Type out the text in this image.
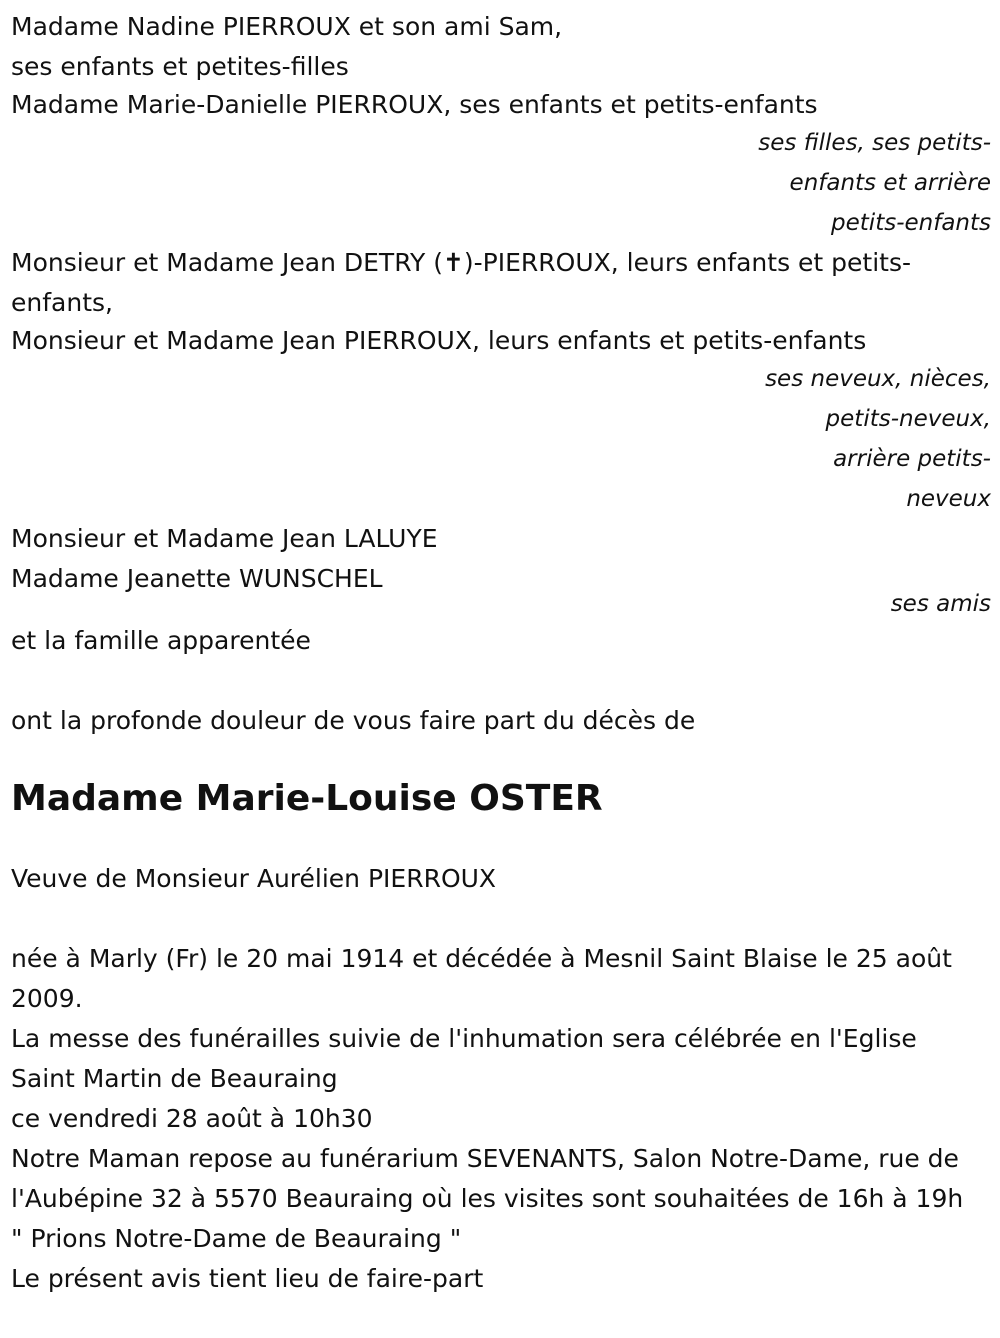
Madame Nadine PIERROUX et son ami Sam,

ses enfants et petites-filles

Madame Marie-Danielle PIERROUX, ses enfants et petits-enfants

ses filles, ses petits-enfants et arrière petits-enfants

Monsieur et Madame Jean DETRY (✝)-PIERROUX, leurs enfants et petits-enfants,

Monsieur et Madame Jean PIERROUX, leurs enfants et petits-enfants

ses neveux, nièces, petits-neveux, arrière petits-neveux

Monsieur et Madame Jean LALUYE

Madame Jeanette WUNSCHEL

ses amis

et la famille apparentée

ont la profonde douleur de vous faire part du décès de

Madame Marie-Louise OSTER

Veuve de Monsieur Aurélien PIERROUX

née à Marly (Fr) le 20 mai 1914 et décédée à Mesnil Saint Blaise le 25 août 2009.

La messe des funérailles suivie de l'inhumation sera célébrée en l'Eglise Saint Martin de Beauraing

ce vendredi 28 août à 10h30

Notre Maman repose au funérarium SEVENANTS, Salon Notre-Dame, rue de l'Aubépine 32 à 5570 Beauraing où les visites sont souhaitées de 16h à 19h

" Prions Notre-Dame de Beauraing "

Le présent avis tient lieu de faire-part
